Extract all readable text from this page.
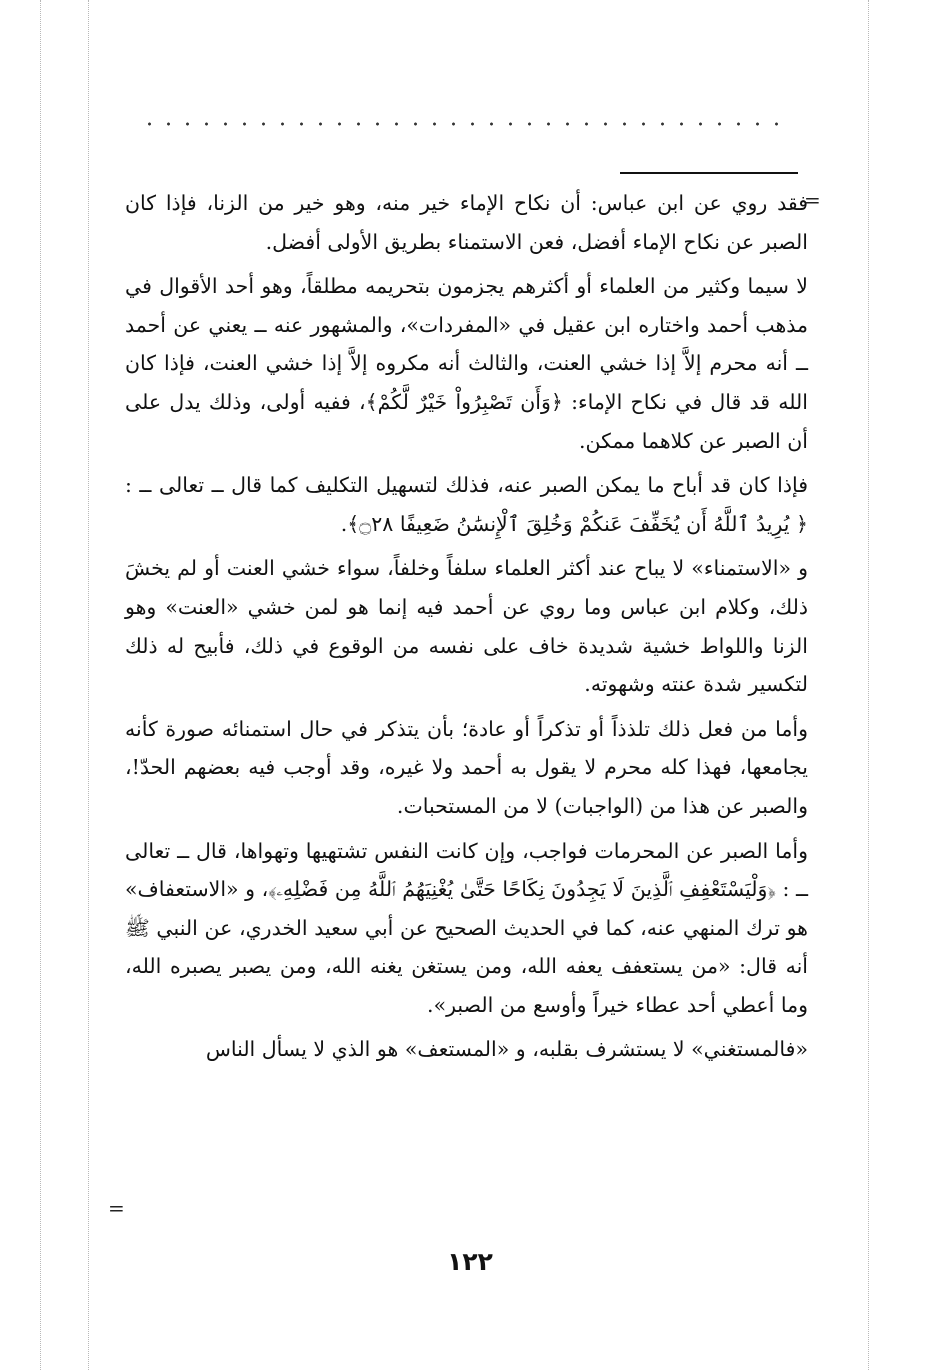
=

فقد روي عن ابن عباس: أن نكاح الإماء خير منه، وهو خير من الزنا، فإذا كان الصبر عن نكاح الإماء أفضل، فعن الاستمناء بطريق الأولى أفضل.

لا سيما وكثير من العلماء أو أكثرهم يجزمون بتحريمه مطلقاً، وهو أحد الأقوال في مذهب أحمد واختاره ابن عقيل في «المفردات»، والمشهور عنه ــ يعني عن أحمد ــ أنه محرم إلاَّ إذا خشي العنت، والثالث أنه مكروه إلاَّ إذا خشي العنت، فإذا كان الله قد قال في نكاح الإماء: ﴿وَأَن تَصْبِرُواْ خَيْرٌ لَّكُمْ﴾، ففيه أولى، وذلك يدل على أن الصبر عن كلاهما ممكن.

فإذا كان قد أباح ما يمكن الصبر عنه، فذلك لتسهيل التكليف كما قال ــ تعالى ــ : ﴿ يُرِيدُ ٱللَّهُ أَن يُخَفِّفَ عَنكُمْ وَخُلِقَ ٱلْإِنسَٰنُ ضَعِيفًا ۝٢٨﴾.

و «الاستمناء» لا يباح عند أكثر العلماء سلفاً وخلفاً، سواء خشي العنت أو لم يخشَ ذلك، وكلام ابن عباس وما روي عن أحمد فيه إنما هو لمن خشي «العنت» وهو الزنا واللواط خشية شديدة خاف على نفسه من الوقوع في ذلك، فأبيح له ذلك لتكسير شدة عنته وشهوته.

وأما من فعل ذلك تلذذاً أو تذكراً أو عادة؛ بأن يتذكر في حال استمنائه صورة كأنه يجامعها، فهذا كله محرم لا يقول به أحمد ولا غيره، وقد أوجب فيه بعضهم الحدّ!، والصبر عن هذا من (الواجبات) لا من المستحبات.

وأما الصبر عن المحرمات فواجب، وإن كانت النفس تشتهيها وتهواها، قال ــ تعالى ــ : ﴿وَلْيَسْتَعْفِفِ ٱلَّذِينَ لَا يَجِدُونَ نِكَاحًا حَتَّىٰ يُغْنِيَهُمُ ٱللَّهُ مِن فَضْلِهِۦ﴾، و «الاستعفاف» هو ترك المنهي عنه، كما في الحديث الصحيح عن أبي سعيد الخدري، عن النبي ﷺ أنه قال: «من يستعفف يعفه الله، ومن يستغن يغنه الله، ومن يصبر يصبره الله، وما أعطي أحد عطاء خيراً وأوسع من الصبر».

«فالمستغني» لا يستشرف بقلبه، و «المستعف» هو الذي لا يسأل الناس

=
١٢٢
